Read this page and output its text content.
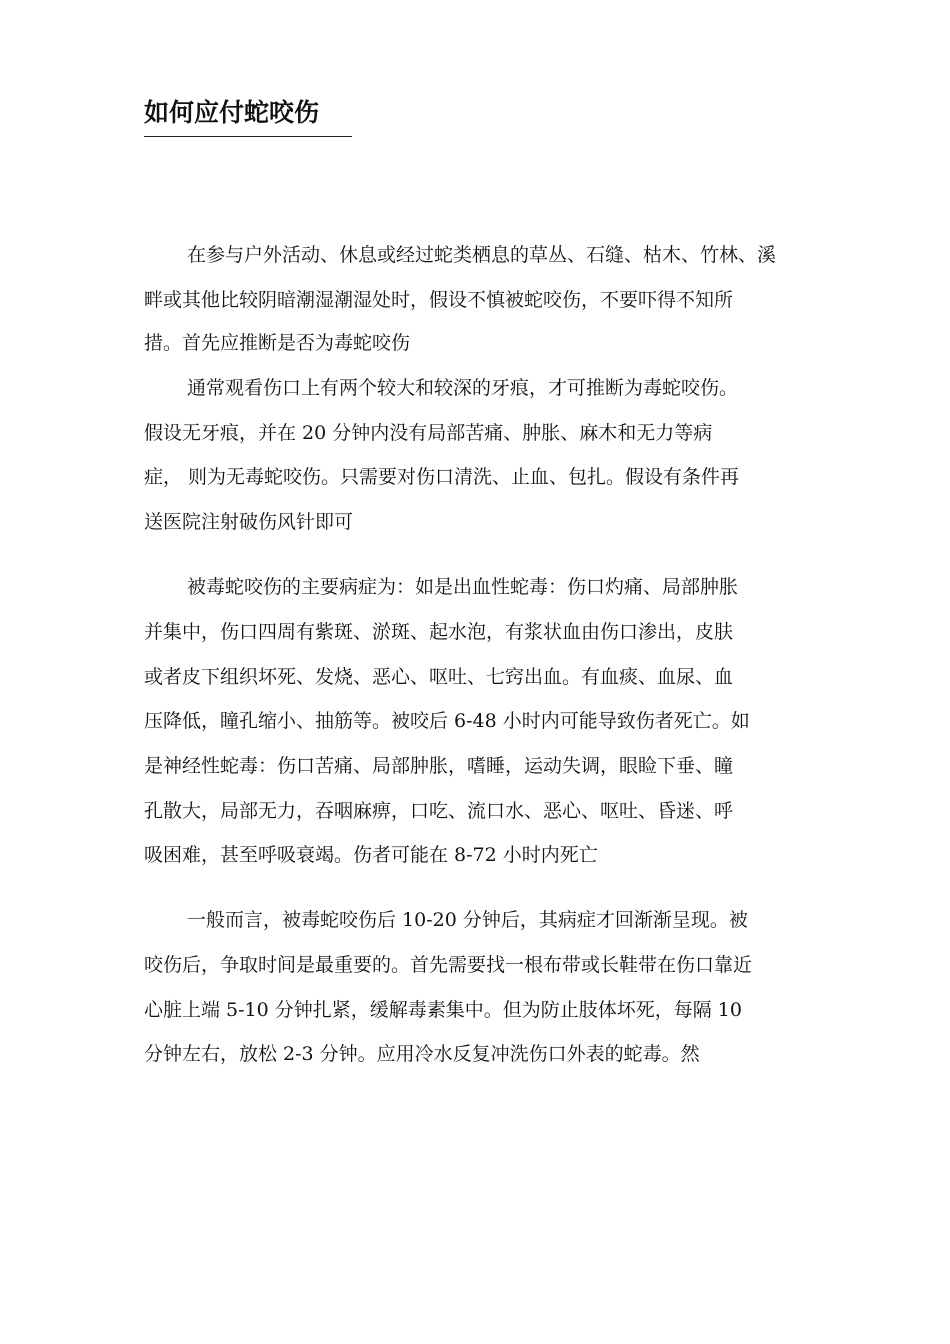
如何应付蛇咬伤
在参与户外活动、休息或经过蛇类栖息的草丛、石缝、枯木、竹林、溪
畔或其他比较阴暗潮湿潮湿处时，假设不慎被蛇咬伤，不要吓得不知所
措。首先应推断是否为毒蛇咬伤
通常观看伤口上有两个较大和较深的牙痕，才可推断为毒蛇咬伤。
假设无牙痕，并在 20 分钟内没有局部苦痛、肿胀、麻木和无力等病
症， 则为无毒蛇咬伤。只需要对伤口清洗、止血、包扎。假设有条件再
送医院注射破伤风针即可
被毒蛇咬伤的主要病症为：如是出血性蛇毒：伤口灼痛、局部肿胀
并集中，伤口四周有紫斑、淤斑、起水泡，有浆状血由伤口渗出，皮肤
或者皮下组织坏死、发烧、恶心、呕吐、七窍出血。有血痰、血尿、血
压降低，瞳孔缩小、抽筋等。被咬后 6-48 小时内可能导致伤者死亡。如
是神经性蛇毒：伤口苦痛、局部肿胀，嗜睡，运动失调，眼睑下垂、瞳
孔散大，局部无力，吞咽麻痹，口吃、流口水、恶心、呕吐、昏迷、呼
吸困难，甚至呼吸衰竭。伤者可能在 8-72 小时内死亡
一般而言，被毒蛇咬伤后 10-20 分钟后，其病症才回渐渐呈现。被
咬伤后，争取时间是最重要的。首先需要找一根布带或长鞋带在伤口靠近
心脏上端 5-10 分钟扎紧，缓解毒素集中。但为防止肢体坏死，每隔 10
分钟左右，放松 2-3 分钟。应用冷水反复冲洗伤口外表的蛇毒。然
